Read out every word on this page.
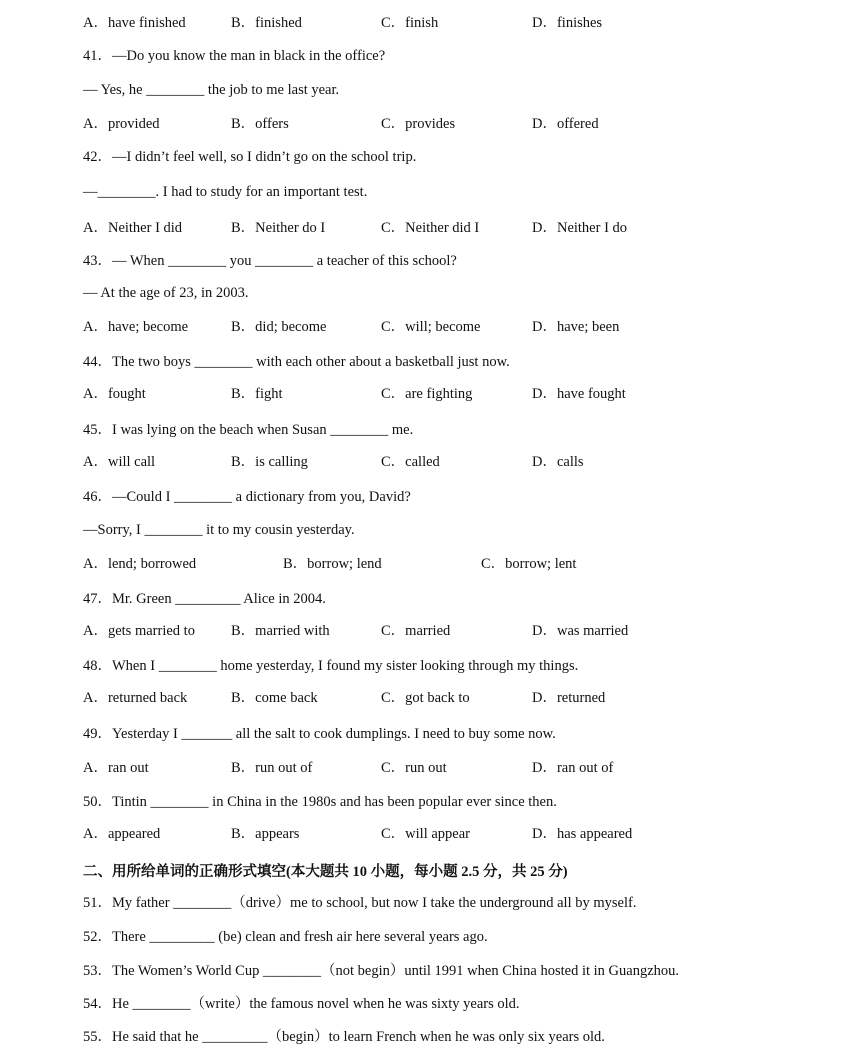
A．have finished	B．finished	C．finish	D．finishes
41．—Do you know the man in black in the office?
— Yes, he ________ the job to me last year.
A．provided	B．offers	C．provides	D．offered
42．—I didn’t feel well, so I didn’t go on the school trip.
—________. I had to study for an important test.
A．Neither I did	B．Neither do I	C．Neither did I	D．Neither I do
43．— When ________ you ________ a teacher of this school?
— At the age of 23, in 2003.
A．have; become	B．did; become	C．will; become	D．have; been
44．The two boys ________ with each other about a basketball just now.
A．fought	B．fight	C．are fighting	D．have fought
45．I was lying on the beach when Susan ________ me.
A．will call	B．is calling	C．called	D．calls
46．—Could I ________ a dictionary from you, David?
—Sorry, I ________ it to my cousin yesterday.
A．lend; borrowed	B．borrow; lend	C．borrow; lent
47．Mr. Green _________ Alice in 2004.
A．gets married to B．married with	C．married	D．was married
48．When I ________ home yesterday, I found my sister looking through my things.
A．returned back	B．come back	C．got back to	D．returned
49．Yesterday I _______ all the salt to cook dumplings. I need to buy some now.
A．ran out	B．run out of	C．run out	D．ran out of
50．Tintin ________ in China in the 1980s and has been popular ever since then.
A．appeared	B．appears	C．will appear	D．has appeared
二、用所给单词的正确形式填空(本大题共 10 小题，每小题 2.5 分，共 25 分)
51．My father ________（drive）me to school, but now I take the underground all by myself.
52．There _________ (be) clean and fresh air here several years ago.
53．The Women’s World Cup ________（not begin）until 1991 when China hosted it in Guangzhou.
54．He ________（write）the famous novel when he was sixty years old.
55．He said that he _________（begin）to learn French when he was only six years old.
